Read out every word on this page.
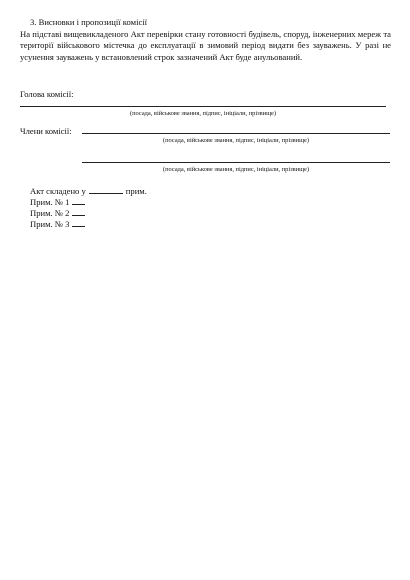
3. Висновки і пропозиції комісії
На підставі вищевикладеного Акт перевірки стану готовності будівель, споруд, інженерних мереж та території військового містечка до експлуатації в зимовий період видати без зауважень. У разі не усунення зауважень у встановлений строк зазначений Акт буде анульований.
Голова комісії:
(посада, військове звання, підпис, ініціали, прізвище)
Члени комісії:
(посада, військове звання, підпис, ініціали, прізвище)
(посада, військове звання, підпис, ініціали, прізвище)
Акт складено у	прим.
Прим. № 1
Прим. № 2
Прим. № 3
